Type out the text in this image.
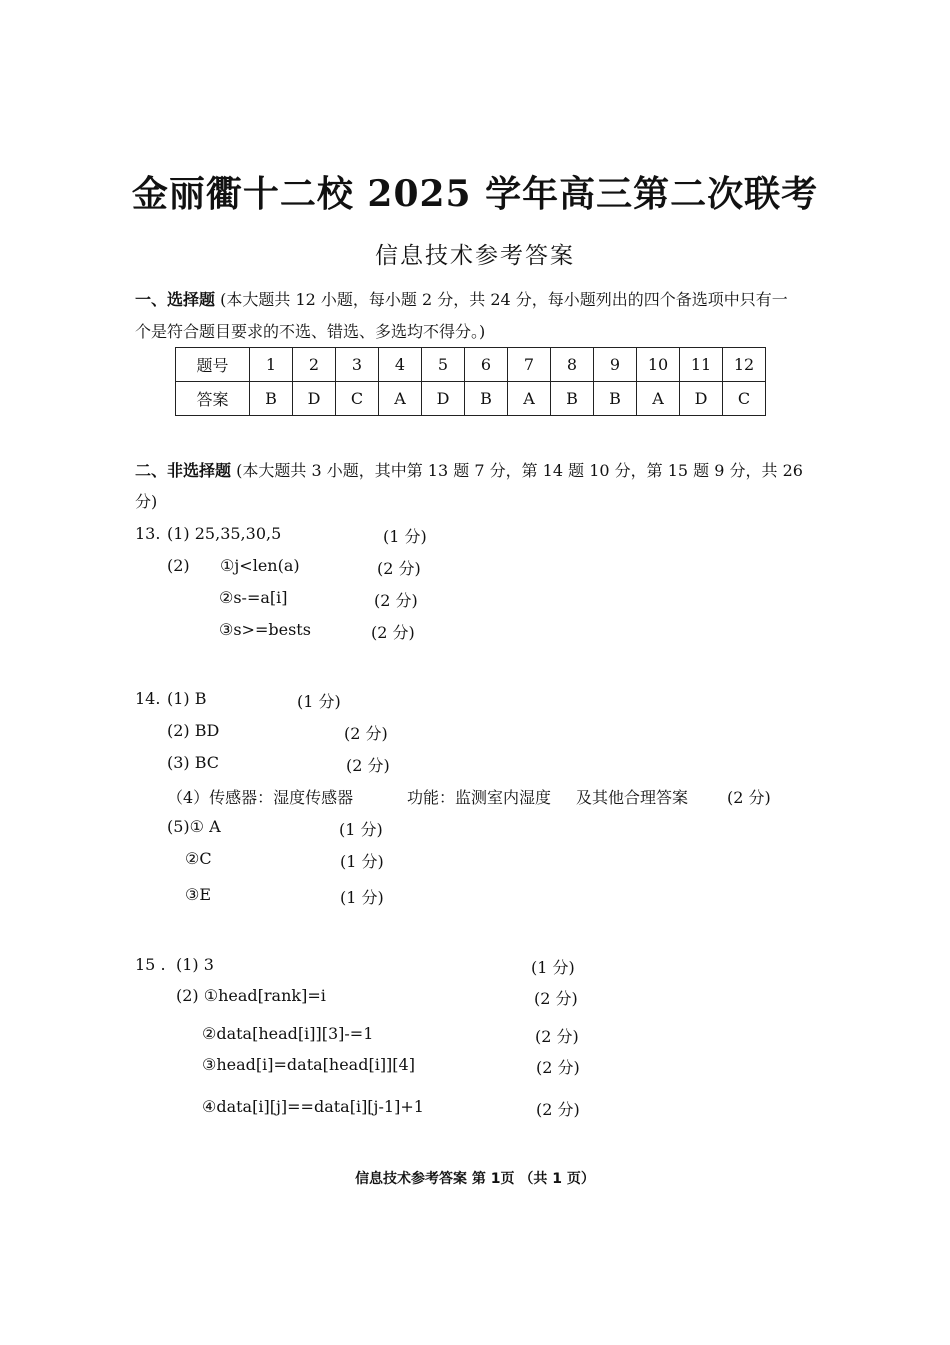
金丽衢十二校 2025 学年高三第二次联考
信息技术参考答案
一、选择题 (本大题共 12 小题，每小题 2 分，共 24 分，每小题列出的四个备选项中只有一
个是符合题目要求的不选、错选、多选均不得分。)
题号	1	2	3	4	5	6	7	8	9	10	11	12
答案	B	D	C	A	D	B	A	B	B	A	D	C
二、非选择题 (本大题共 3 小题，其中第 13 题 7 分，第 14 题 10 分，第 15 题 9 分，共 26
分)
13. (1) 25,35,30,5	(1 分)
(2) ①j<len(a)	(2 分)
②s-=a[i]	(2 分)
③s>=bests	(2 分)
14. (1) B	(1 分)
(2) BD	(2 分)
(3) BC	(2 分)
（4）传感器：湿度传感器	功能：监测室内湿度 及其他合理答案 (2 分)
(5)① A	(1 分)
②C	(1 分)
③E	(1 分)
15 . (1) 3	(1 分)
(2) ①head[rank]=i	(2 分)
②data[head[i]][3]-=1	(2 分)
③head[i]=data[head[i]][4]	(2 分)
④data[i][j]==data[i][j-1]+1	(2 分)
信息技术参考答案 第 1页 （共 1 页）
